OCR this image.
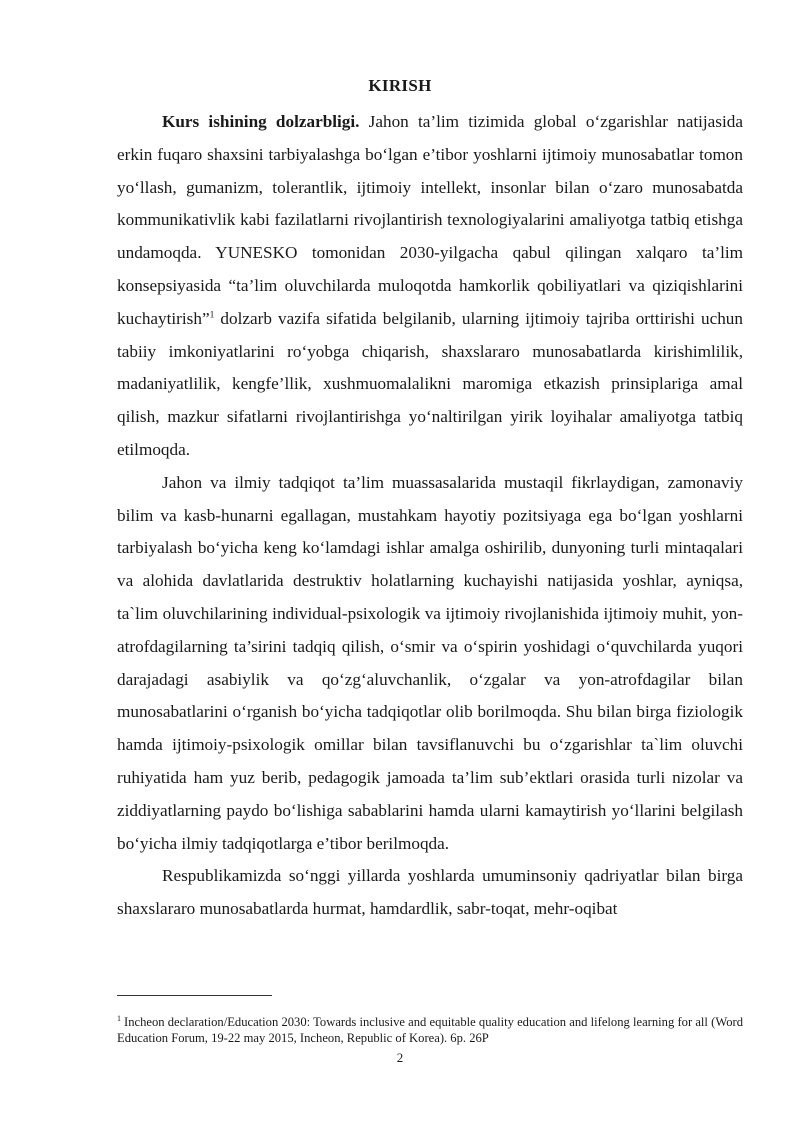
KIRISH

Kurs ishining dolzarbligi. Jahon ta’lim tizimida global o‘zgarishlar natijasida erkin fuqaro shaxsini tarbiyalashga bo‘lgan e’tibor yoshlarni ijtimoiy munosabatlar tomon yo‘llash, gumanizm, tolerantlik, ijtimoiy intellekt, insonlar bilan o‘zaro munosabatda kommunikativlik kabi fazilatlarni rivojlantirish texnologiyalarini amaliyotga tatbiq etishga undamoqda. YUNESKO tomonidan 2030-yilgacha qabul qilingan xalqaro ta’lim konsepsiyasida “ta’lim oluvchilarda muloqotda hamkorlik qobiliyatlari va qiziqishlarini kuchaytirish”$^1$ dolzarb vazifa sifatida belgilanib, ularning ijtimoiy tajriba orttirishi uchun tabiiy imkoniyatlarini ro‘yobga chiqarish, shaxslararo munosabatlarda kirishimlilik, madaniyatlilik, kengfe’llik, xushmuomalalikni maromiga etkazish prinsiplariga amal qilish, mazkur sifatlarni rivojlantirishga yo‘naltirilgan yirik loyihalar amaliyotga tatbiq etilmoqda.

Jahon va ilmiy tadqiqot ta’lim muassasalarida mustaqil fikrlaydigan, zamonaviy bilim va kasb-hunarni egallagan, mustahkam hayotiy pozitsiyaga ega bo‘lgan yoshlarni tarbiyalash bo‘yicha keng ko‘lamdagi ishlar amalga oshirilib, dunyoning turli mintaqalari va alohida davlatlarida destruktiv holatlarning kuchayishi natijasida yoshlar, ayniqsa, ta`lim oluvchilarining individual-psixologik va ijtimoiy rivojlanishida ijtimoiy muhit, yon-atrofdagilarning ta’sirini tadqiq qilish, o‘smir va o‘spirin yoshidagi o‘quvchilarda yuqori darajadagi asabiylik va qo‘zg‘aluvchanlik, o‘zgalar va yon-atrofdagilar bilan munosabatlarini o‘rganish bo‘yicha tadqiqotlar olib borilmoqda. Shu bilan birga fiziologik hamda ijtimoiy-psixologik omillar bilan tavsiflanuvchi bu o‘zgarishlar ta`lim oluvchi ruhiyatida ham yuz berib, pedagogik jamoada ta’lim sub’ektlari orasida turli nizolar va ziddiyatlarning paydo bo‘lishiga sabablarini hamda ularni kamaytirish yo‘llarini belgilash bo‘yicha ilmiy tadqiqotlarga e’tibor berilmoqda.

Respublikamizda so‘nggi yillarda yoshlarda umuminsoniy qadriyatlar bilan birga shaxslararo munosabatlarda hurmat, hamdardlik, sabr-toqat, mehr-oqibat

$^1$ Incheon declaration/Education 2030: Towards inclusive and equitable quality education and lifelong learning for all (Word Education Forum, 19-22 may 2015, Incheon, Republic of Korea). 6p. 26P
2
